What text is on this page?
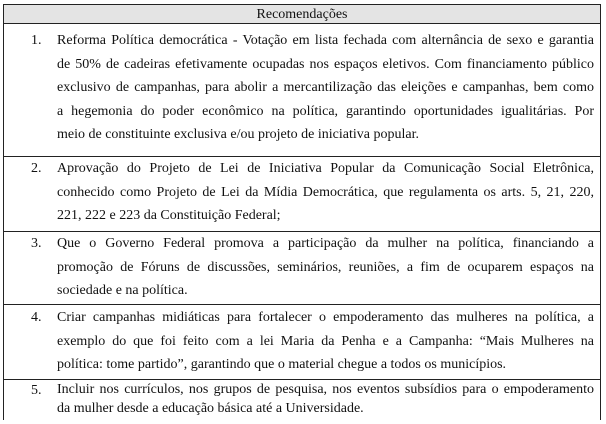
Recomendações
1. Reforma Política democrática - Votação em lista fechada com alternância de sexo e garantia
de 50% de cadeiras efetivamente ocupadas nos espaços eletivos. Com financiamento público
exclusivo de campanhas, para abolir a mercantilização das eleições e campanhas, bem como
a hegemonia do poder econômico na política, garantindo oportunidades igualitárias. Por
meio de constituinte exclusiva e/ou projeto de iniciativa popular.
2. Aprovação do Projeto de Lei de Iniciativa Popular da Comunicação Social Eletrônica,
conhecido como Projeto de Lei da Mídia Democrática, que regulamenta os arts. 5, 21, 220,
221, 222 e 223 da Constituição Federal;
3. Que o Governo Federal promova a participação da mulher na política, financiando a
promoção de Fóruns de discussões, seminários, reuniões, a fim de ocuparem espaços na
sociedade e na política.
4. Criar campanhas midiáticas para fortalecer o empoderamento das mulheres na política, a
exemplo do que foi feito com a lei Maria da Penha e a Campanha: “Mais Mulheres na
política: tome partido”, garantindo que o material chegue a todos os municípios.
5. Incluir nos currículos, nos grupos de pesquisa, nos eventos subsídios para o empoderamento
da mulher desde a educação básica até a Universidade.
